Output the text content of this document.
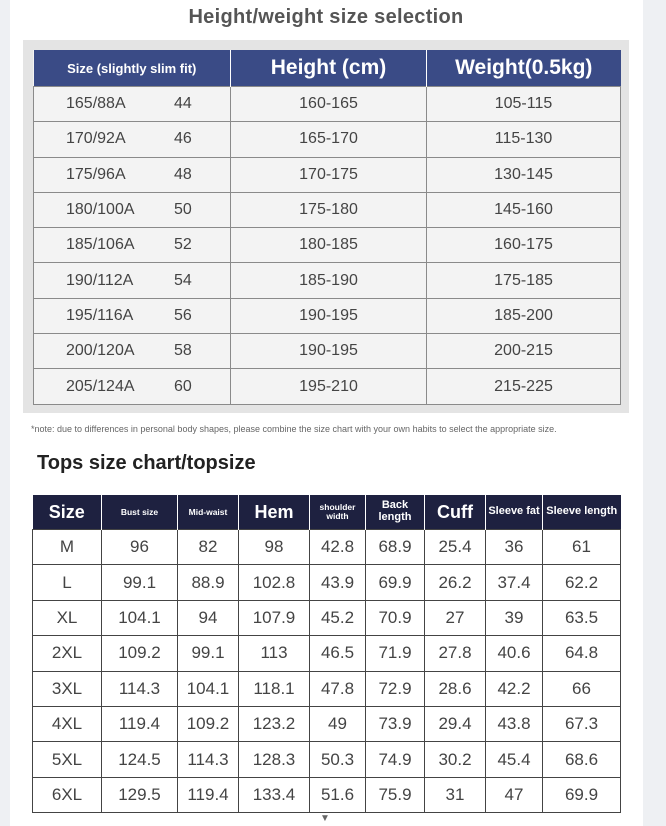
Height/weight size selection
Size (slightly slim fit)	Height (cm)	Weight(0.5kg)
165/88A 44	160-165	105-115
170/92A 46	165-170	115-130
175/96A 48	170-175	130-145
180/100A 50	175-180	145-160
185/106A 52	180-185	160-175
190/112A 54	185-190	175-185
195/116A 56	190-195	185-200
200/120A 58	190-195	200-215
205/124A 60	195-210	215-225
*note: due to differences in personal body shapes, please combine the size chart with your own habits to select the appropriate size.
Tops size chart/topsize
Size	Bust size	Mid-waist	Hem	shoulder width	Back length	Cuff	Sleeve fat	Sleeve length
M	96	82	98	42.8	68.9	25.4	36	61
L	99.1	88.9	102.8	43.9	69.9	26.2	37.4	62.2
XL	104.1	94	107.9	45.2	70.9	27	39	63.5
2XL	109.2	99.1	113	46.5	71.9	27.8	40.6	64.8
3XL	114.3	104.1	118.1	47.8	72.9	28.6	42.2	66
4XL	119.4	109.2	123.2	49	73.9	29.4	43.8	67.3
5XL	124.5	114.3	128.3	50.3	74.9	30.2	45.4	68.6
6XL	129.5	119.4	133.4	51.6	75.9	31	47	69.9
▼
